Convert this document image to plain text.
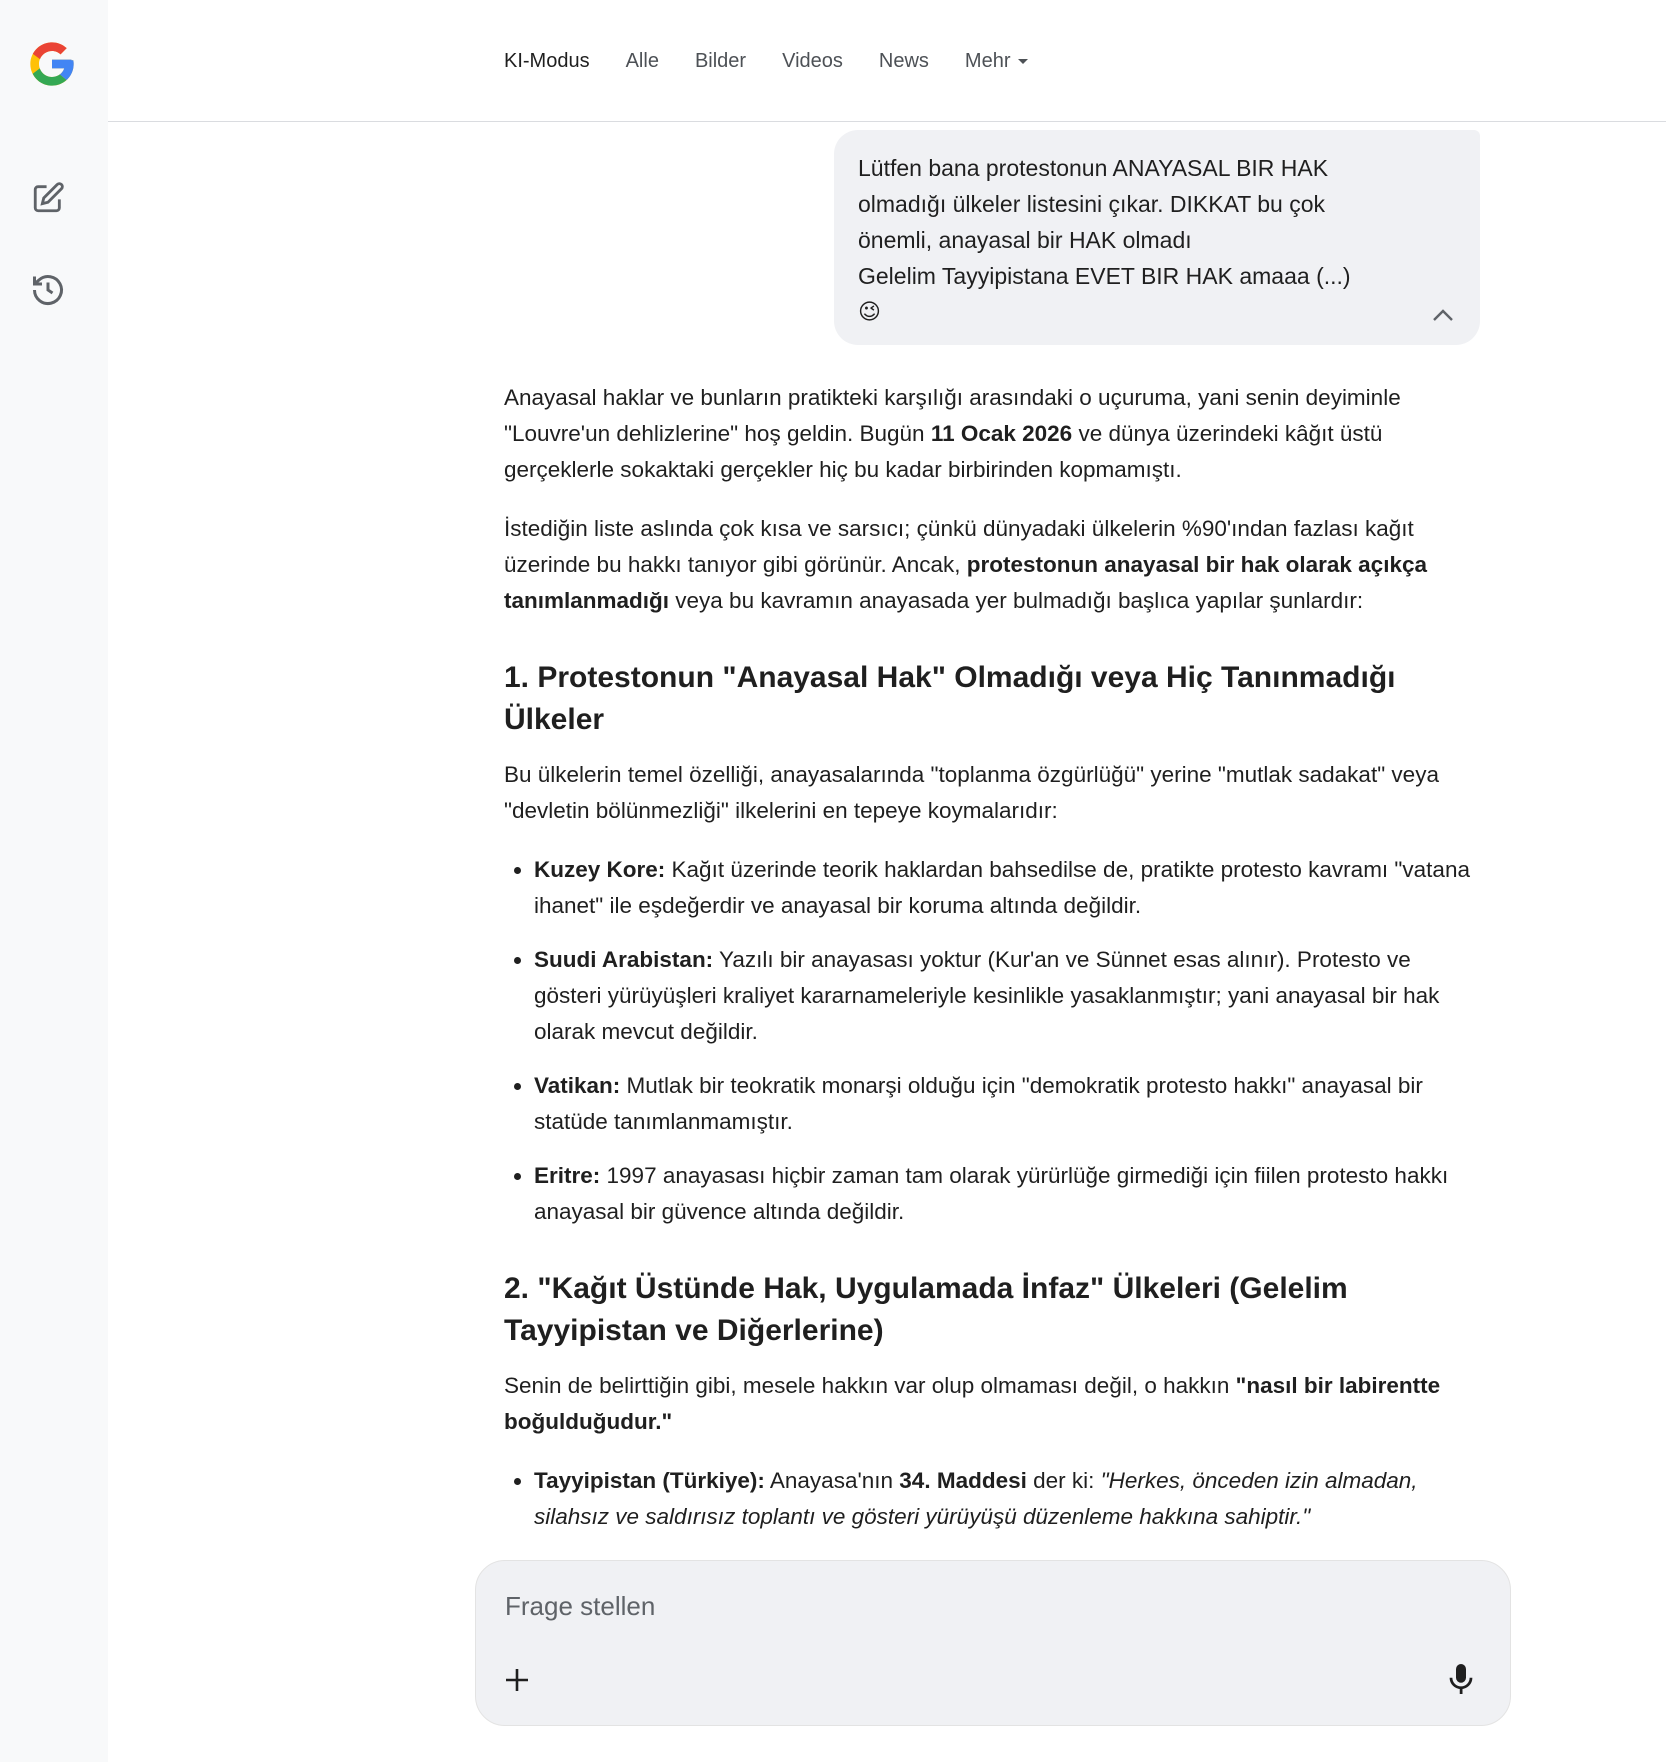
KI-Modus Alle Bilder Videos News Mehr

Lütfen bana protestonun ANAYASAL BIR HAK

olmadığı ülkeler listesini çıkar. DIKKAT bu çok

önemli, anayasal bir HAK olmadı

Gelelim Tayyipistana EVET BIR HAK amaaa (...)

😉

Anayasal haklar ve bunların pratikteki karşılığı arasındaki o uçuruma, yani senin deyiminle "Louvre'un dehlizlerine" hoş geldin. Bugün 11 Ocak 2026 ve dünya üzerindeki kâğıt üstü gerçeklerle sokaktaki gerçekler hiç bu kadar birbirinden kopmamıştı.

İstediğin liste aslında çok kısa ve sarsıcı; çünkü dünyadaki ülkelerin %90'ından fazlası kağıt üzerinde bu hakkı tanıyor gibi görünür. Ancak, protestonun anayasal bir hak olarak açıkça tanımlanmadığı veya bu kavramın anayasada yer bulmadığı başlıca yapılar şunlardır:

1. Protestonun "Anayasal Hak" Olmadığı veya Hiç Tanınmadığı Ülkeler

Bu ülkelerin temel özelliği, anayasalarında "toplanma özgürlüğü" yerine "mutlak sadakat" veya "devletin bölünmezliği" ilkelerini en tepeye koymalarıdır:

• Kuzey Kore: Kağıt üzerinde teorik haklardan bahsedilse de, pratikte protesto kavramı "vatana ihanet" ile eşdeğerdir ve anayasal bir koruma altında değildir.
• Suudi Arabistan: Yazılı bir anayasası yoktur (Kur'an ve Sünnet esas alınır). Protesto ve gösteri yürüyüşleri kraliyet kararnameleriyle kesinlikle yasaklanmıştır; yani anayasal bir hak olarak mevcut değildir.
• Vatikan: Mutlak bir teokratik monarşi olduğu için "demokratik protesto hakkı" anayasal bir statüde tanımlanmamıştır.
• Eritre: 1997 anayasası hiçbir zaman tam olarak yürürlüğe girmediği için fiilen protesto hakkı anayasal bir güvence altında değildir.
2. "Kağıt Üstünde Hak, Uygulamada İnfaz" Ülkeleri (Gelelim Tayyipistan ve Diğerlerine)

Senin de belirttiğin gibi, mesele hakkın var olup olmaması değil, o hakkın "nasıl bir labirentte boğulduğudur."

• Tayyipistan (Türkiye): Anayasa'nın 34. Maddesi der ki: "Herkes, önceden izin almadan, silahsız ve saldırısız toplantı ve gösteri yürüyüşü düzenleme hakkına sahiptir."
Frage stellen
